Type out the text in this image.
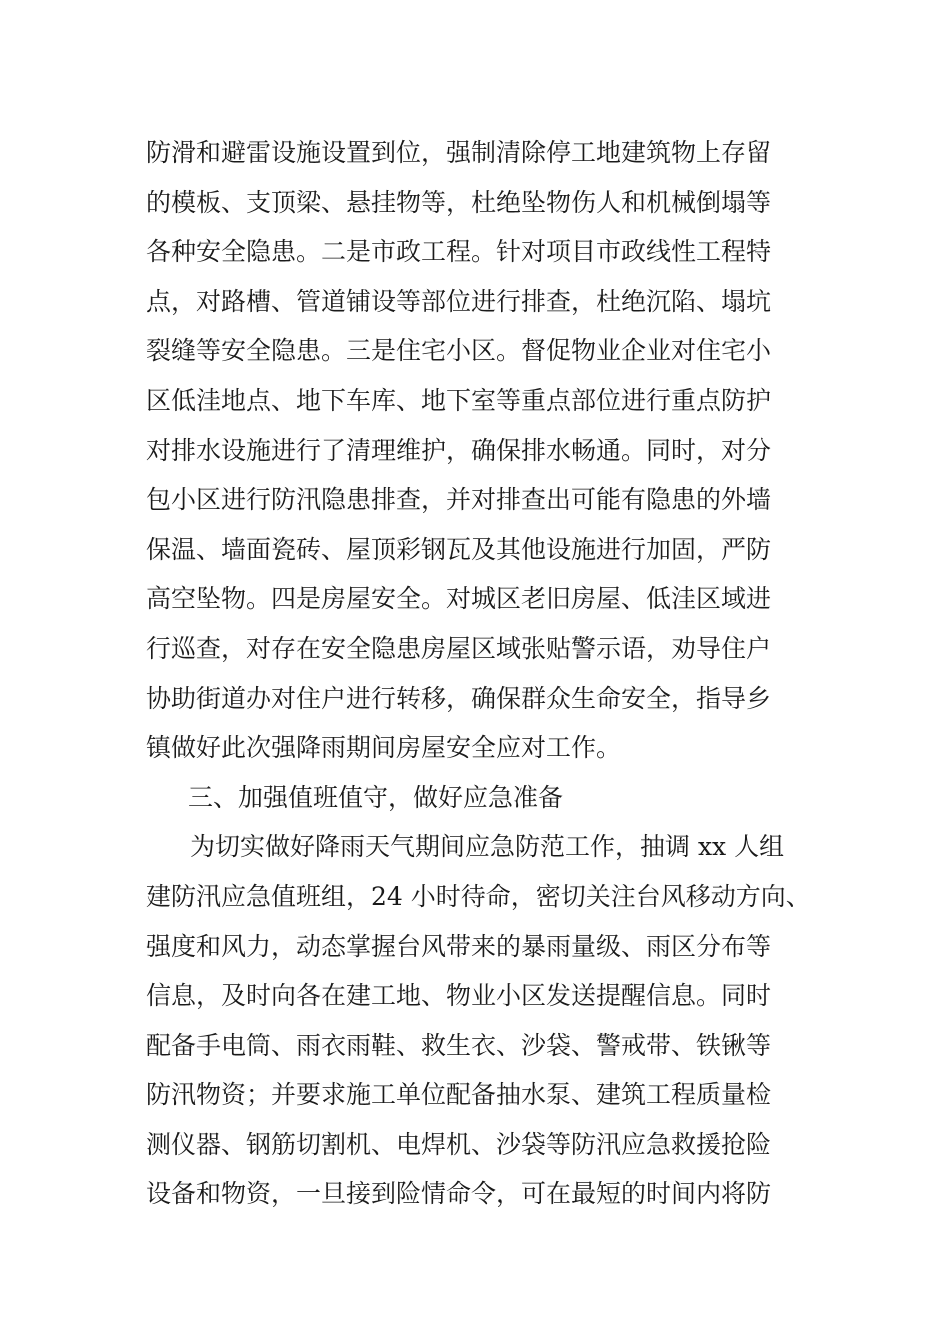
防滑和避雷设施设置到位，强制清除停工地建筑物上存留
的模板、支顶梁、悬挂物等，杜绝坠物伤人和机械倒塌等
各种安全隐患。二是市政工程。针对项目市政线性工程特
点，对路槽、管道铺设等部位进行排查，杜绝沉陷、塌坑
裂缝等安全隐患。三是住宅小区。督促物业企业对住宅小
区低洼地点、地下车库、地下室等重点部位进行重点防护
对排水设施进行了清理维护，确保排水畅通。同时，对分
包小区进行防汛隐患排查，并对排查出可能有隐患的外墙
保温、墙面瓷砖、屋顶彩钢瓦及其他设施进行加固，严防
高空坠物。四是房屋安全。对城区老旧房屋、低洼区域进
行巡查，对存在安全隐患房屋区域张贴警示语，劝导住户
协助街道办对住户进行转移，确保群众生命安全，指导乡
镇做好此次强降雨期间房屋安全应对工作。
三、加强值班值守，做好应急准备
为切实做好降雨天气期间应急防范工作，抽调 xx 人组
建防汛应急值班组，24 小时待命，密切关注台风移动方向、
强度和风力，动态掌握台风带来的暴雨量级、雨区分布等
信息，及时向各在建工地、物业小区发送提醒信息。同时
配备手电筒、雨衣雨鞋、救生衣、沙袋、警戒带、铁锹等
防汛物资；并要求施工单位配备抽水泵、建筑工程质量检
测仪器、钢筋切割机、电焊机、沙袋等防汛应急救援抢险
设备和物资，一旦接到险情命令，可在最短的时间内将防
